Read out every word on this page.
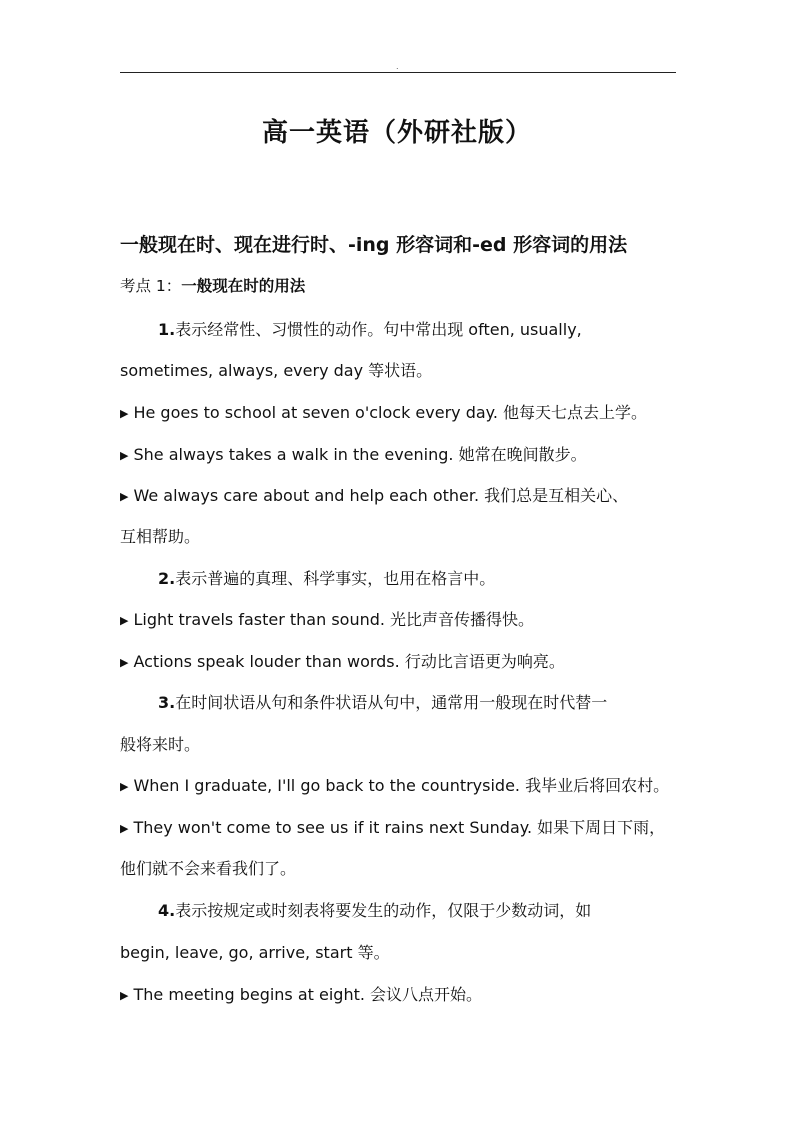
.
高一英语（外研社版）
一般现在时、现在进行时、-ing 形容词和-ed 形容词的用法
考点 1：一般现在时的用法
1.表示经常性、习惯性的动作。句中常出现 often, usually,
sometimes, always, every day 等状语。
▶ He goes to school at seven o'clock every day. 他每天七点去上学。
▶ She always takes a walk in the evening. 她常在晚间散步。
▶ We always care about and help each other. 我们总是互相关心、
互相帮助。
2.表示普遍的真理、科学事实，也用在格言中。
▶ Light travels faster than sound. 光比声音传播得快。
▶ Actions speak louder than words. 行动比言语更为响亮。
3.在时间状语从句和条件状语从句中，通常用一般现在时代替一
般将来时。
▶ When I graduate, I'll go back to the countryside. 我毕业后将回农村。
▶ They won't come to see us if it rains next Sunday. 如果下周日下雨，
他们就不会来看我们了。
4.表示按规定或时刻表将要发生的动作，仅限于少数动词，如
begin, leave, go, arrive, start 等。
▶ The meeting begins at eight. 会议八点开始。
